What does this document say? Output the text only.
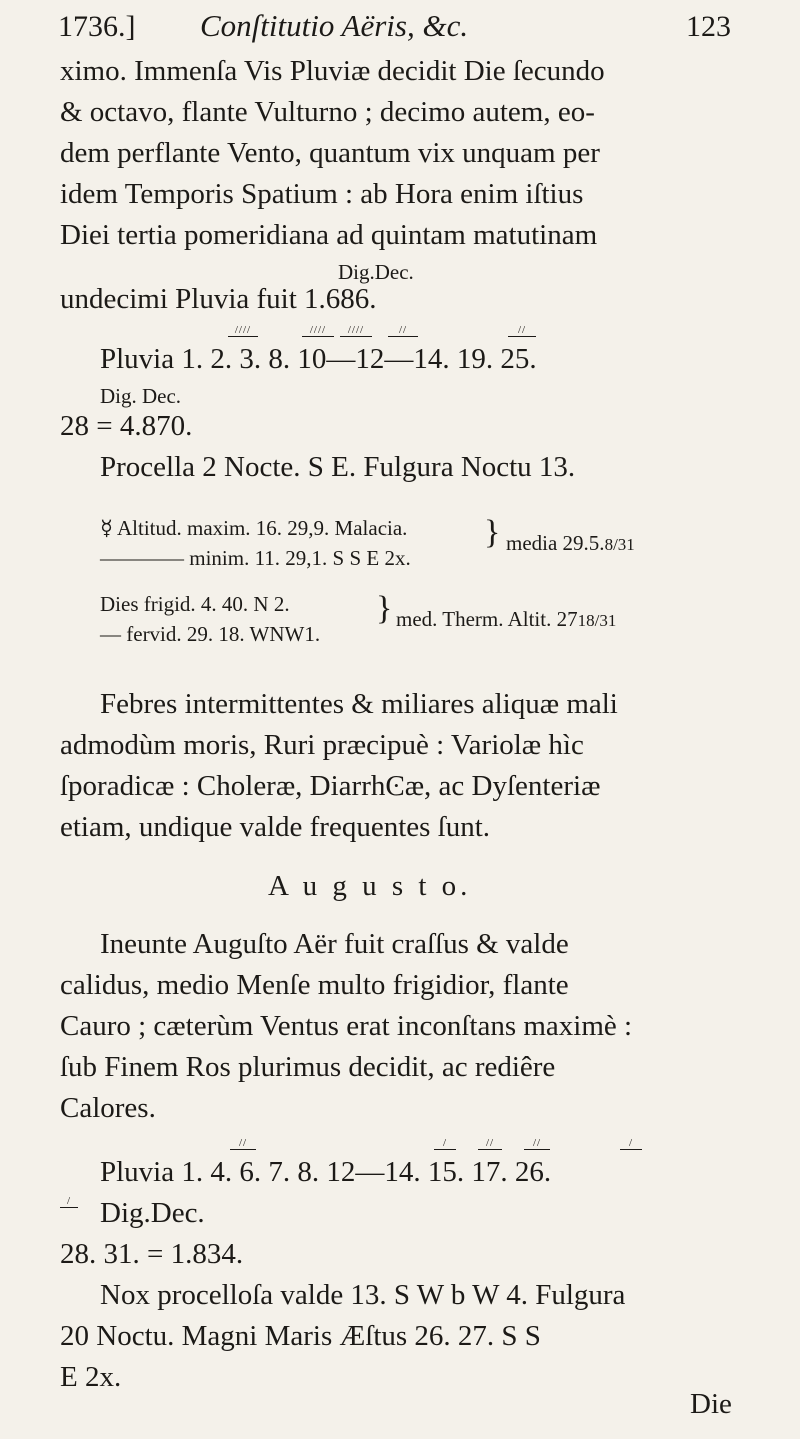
1736.] Conſtitutio Aëris, &c.	123
ximo. Immenſa Vis Pluviæ decidit Die ſecundo
& octavo, flante Vulturno ; decimo autem, eo-
dem perflante Vento, quantum vix unquam per
idem Temporis Spatium : ab Hora enim iſtius
Diei tertia pomeridiana ad quintam matutinam
Dig.Dec.
undecimi Pluvia fuit 1.686.
////	////	////	//	//
Pluvia 1. 2. 3. 8. 10—12—14. 19. 25.
Dig. Dec.
28 = 4.870.
Procella 2 Nocte. S E. Fulgura Noctu 13.
☿ Altitud. maxim. 16. 29,9. Malacia.
———— minim. 11. 29,1. S S E 2x.
} media 29.5.8/31
Dies frigid. 4. 40. N 2.
— fervid. 29. 18. WNW1.
} med. Therm. Altit. 2718/31
Febres intermittentes & miliares aliquæ mali
admodùm moris, Ruri præcipuè : Variolæ hìc
ſporadicæ : Choleræ, DiarrhϾæ, ac Dyſenteriæ
etiam, undique valde frequentes ſunt.
A u g u s t o.
Ineunte Auguſto Aër fuit craſſus & valde
calidus, medio Menſe multo frigidior, flante
Cauro ; cæterùm Ventus erat inconſtans maximè :
ſub Finem Ros plurimus decidit, ac rediêre
Calores.
//	/	//	//	/
Pluvia 1. 4. 6. 7. 8. 12—14. 15. 17. 26.
/ Dig.Dec.
28. 31. = 1.834.
Nox procelloſa valde 13. S W b W 4. Fulgura
20 Noctu. Magni Maris Æſtus 26. 27. S S
E 2x.
Die
